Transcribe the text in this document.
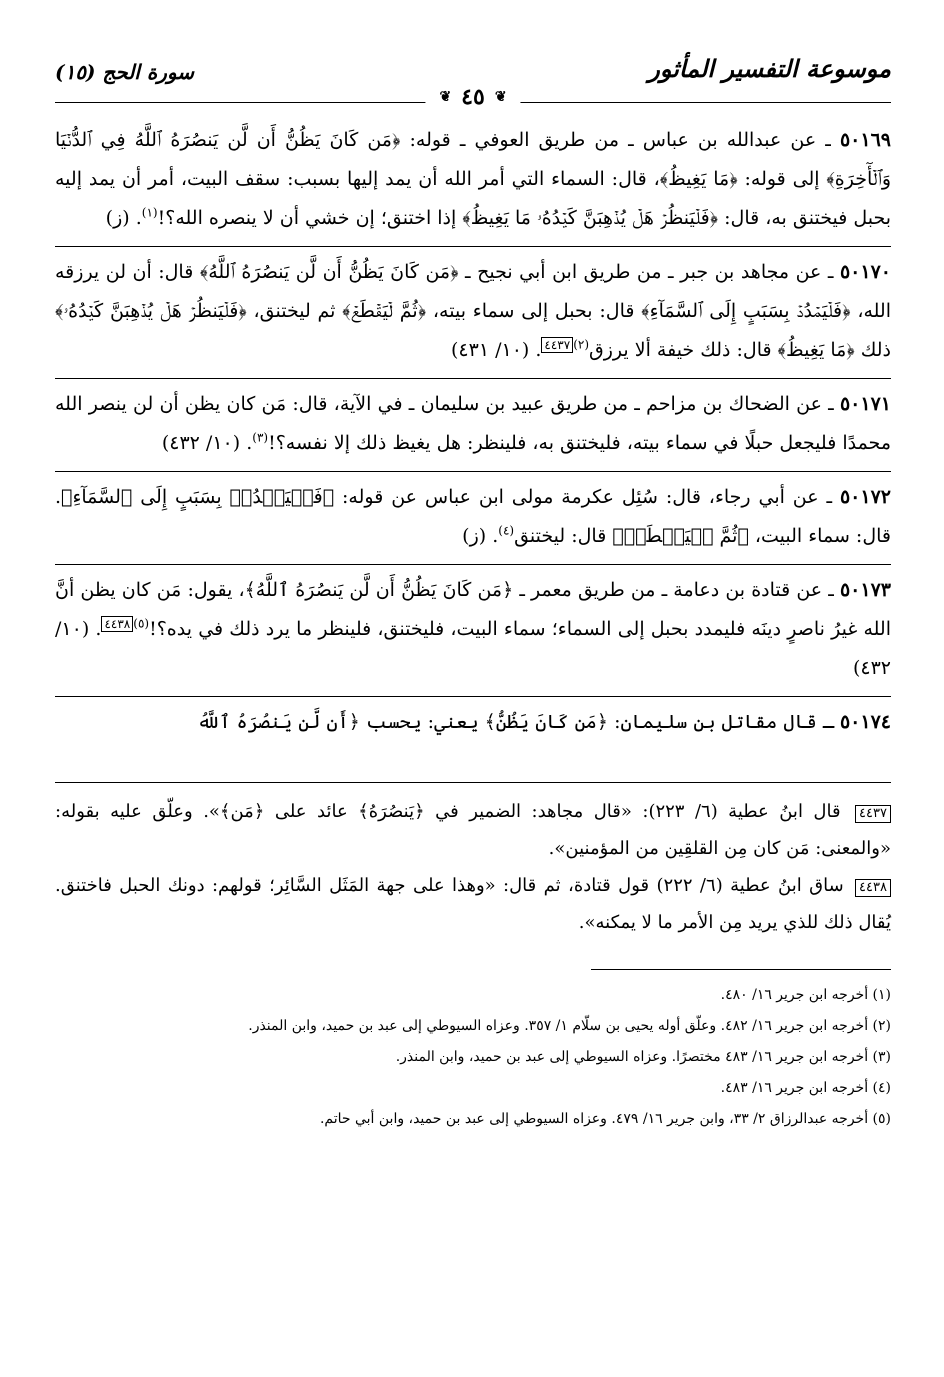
موسوعة التفسير المأثور
سورة الحج (١٥)
❦
٤٥
❦

٥٠١٦٩ ـ عن عبدالله بن عباس ـ من طريق العوفي ـ قوله: ﴿مَن كَانَ يَظُنُّ أَن لَّن يَنصُرَهُ ٱللَّهُ فِي ٱلدُّنۡيَا وَٱلۡأٓخِرَةِ﴾ إلى قوله: ﴿مَا يَغِيظُ﴾، قال: السماء التي أمر الله أن يمد إليها بسبب: سقف البيت، أمر أن يمد إليه بحبل فيختنق به، قال: ﴿فَلۡيَنظُرۡ هَلۡ يُذۡهِبَنَّ كَيۡدُهُۥ مَا يَغِيظُ﴾ إذا اختنق؛ إن خشي أن لا ينصره الله؟!$^{(١)}$. (ز)

٥٠١٧٠ ـ عن مجاهد بن جبر ـ من طريق ابن أبي نجيح ـ ﴿مَن كَانَ يَظُنُّ أَن لَّن يَنصُرَهُ ٱللَّهُ﴾ قال: أن لن يرزقه الله، ﴿فَلۡيَمۡدُدۡ بِسَبَبٍ إِلَى ٱلسَّمَآءِ﴾ قال: بحبل إلى سماء بيته، ﴿ثُمَّ لۡيَقۡطَعۡ﴾ ثم ليختنق، ﴿فَلۡيَنظُرۡ هَلۡ يُذۡهِبَنَّ كَيۡدُهُۥ﴾ ذلك ﴿مَا يَغِيظُ﴾ قال: ذلك خيفة ألا يرزق$^{(٢)}$٤٤٣٧. (١٠/ ٤٣١)

٥٠١٧١ ـ عن الضحاك بن مزاحم ـ من طريق عبيد بن سليمان ـ في الآية، قال: مَن كان يظن أن لن ينصر الله محمدًا فليجعل حبلًا في سماء بيته، فليختنق به، فلينظر: هل يغيظ ذلك إلا نفسه؟!$^{(٣)}$. (١٠/ ٤٣٢)

٥٠١٧٢ ـ عن أبي رجاء، قال: سُئِل عكرمة مولى ابن عباس عن قوله: ﴿فَلۡيَمۡدُدۡ بِسَبَبٍ إِلَى ٱلسَّمَآءِ﴾. قال: سماء البيت، ﴿ثُمَّ لۡيَقۡطَعۡ﴾ قال: ليختنق$^{(٤)}$. (ز)

٥٠١٧٣ ـ عن قتادة بن دعامة ـ من طريق معمر ـ ﴿مَن كَانَ يَظُنُّ أَن لَّن يَنصُرَهُ ٱللَّهُ﴾، يقول: مَن كان يظن أنَّ الله غيرُ ناصرٍ دينَه فليمدد بحبل إلى السماء؛ سماء البيت، فليختنق، فلينظر ما يرد ذلك في يده؟!$^{(٥)}$٤٤٣٨. (١٠/ ٤٣٢)

٥٠١٧٤ ـ قال مقاتل بن سليمان: ﴿مَن كَانَ يَظُنُّ﴾ يعني: يحسب ﴿أَن لَّن يَنصُرَهُ ٱللَّهُ

٤٤٣٧ قال ابنُ عطية (٦/ ٢٢٣): «قال مجاهد: الضمير في ﴿يَنصُرَهُ﴾ عائد على ﴿مَن﴾». وعلّق عليه بقوله: «والمعنى: مَن كان مِن القلقِين من المؤمنين».

٤٤٣٨ ساق ابنُ عطية (٦/ ٢٢٢) قول قتادة، ثم قال: «وهذا على جهة المَثَل السَّائِر؛ قولهم: دونك الحبل فاختنق. يُقال ذلك للذي يريد مِن الأمر ما لا يمكنه».

(١) أخرجه ابن جرير ١٦/ ٤٨٠.

(٢) أخرجه ابن جرير ١٦/ ٤٨٢. وعلّق أوله يحيى بن سلّام ١/ ٣٥٧. وعزاه السيوطي إلى عبد بن حميد، وابن المنذر.

(٣) أخرجه ابن جرير ١٦/ ٤٨٣ مختصرًا. وعزاه السيوطي إلى عبد بن حميد، وابن المنذر.

(٤) أخرجه ابن جرير ١٦/ ٤٨٣.

(٥) أخرجه عبدالرزاق ٢/ ٣٣، وابن جرير ١٦/ ٤٧٩. وعزاه السيوطي إلى عبد بن حميد، وابن أبي حاتم.
